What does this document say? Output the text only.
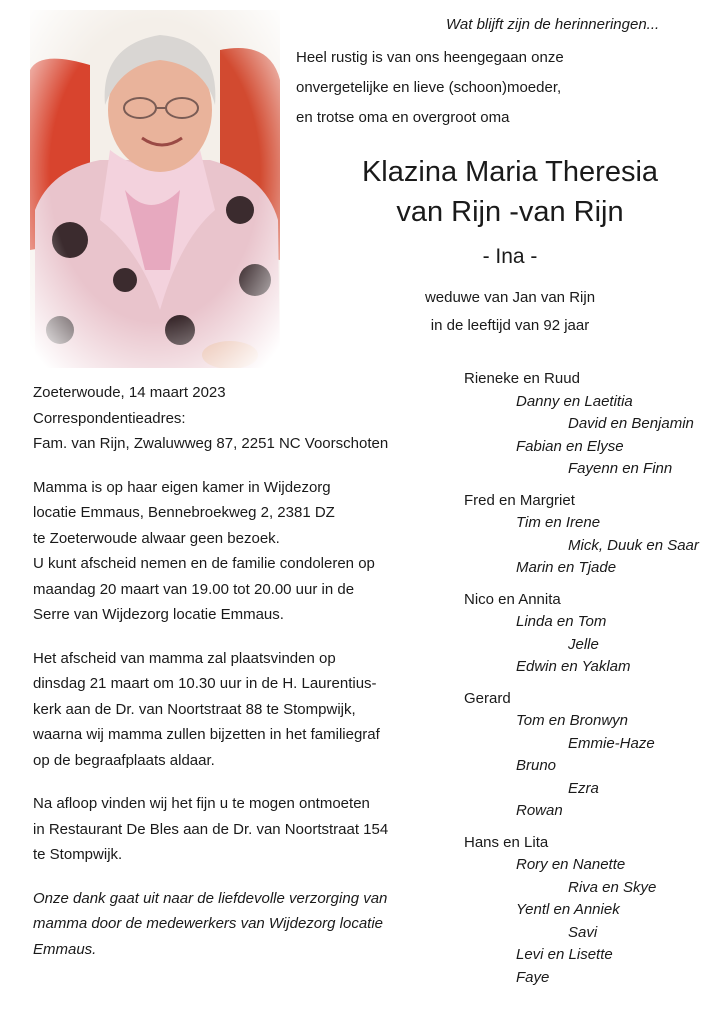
Wat blijft zijn de herinneringen...
Heel rustig is van ons heengegaan onze
onvergetelijke en lieve (schoon)moeder,
en trotse oma en overgroot oma
Klazina Maria Theresia
van Rijn -van Rijn
- Ina -
weduwe van Jan van Rijn
in de leeftijd van 92 jaar

Zoeterwoude, 14 maart 2023
Correspondentieadres:
Fam. van Rijn, Zwaluwweg 87, 2251 NC Voorschoten

Mamma is op haar eigen kamer in Wijdezorg
locatie Emmaus, Bennebroekweg 2, 2381 DZ
te Zoeterwoude alwaar geen bezoek.
U kunt afscheid nemen en de familie condoleren op
maandag 20 maart van 19.00 tot 20.00 uur in de
Serre van Wijdezorg locatie Emmaus.

Het afscheid van mamma zal plaatsvinden op
dinsdag 21 maart om 10.30 uur in de H. Laurentius-
kerk aan de Dr. van Noortstraat 88 te Stompwijk,
waarna wij mamma zullen bijzetten in het familiegraf
op de begraafplaats aldaar.

Na afloop vinden wij het fijn u te mogen ontmoeten
in Restaurant De Bles aan de Dr. van Noortstraat 154
te Stompwijk.

Onze dank gaat uit naar de liefdevolle verzorging van
mamma door de medewerkers van Wijdezorg locatie
Emmaus.

Rieneke en Ruud
Danny en Laetitia
David en Benjamin
Fabian en Elyse
Fayenn en Finn
Fred en Margriet
Tim en Irene
Mick, Duuk en Saar
Marin en Tjade
Nico en Annita
Linda en Tom
Jelle
Edwin en Yaklam
Gerard
Tom en Bronwyn
Emmie-Haze
Bruno
Ezra
Rowan
Hans en Lita
Rory en Nanette
Riva en Skye
Yentl en Anniek
Savi
Levi en Lisette
Faye
